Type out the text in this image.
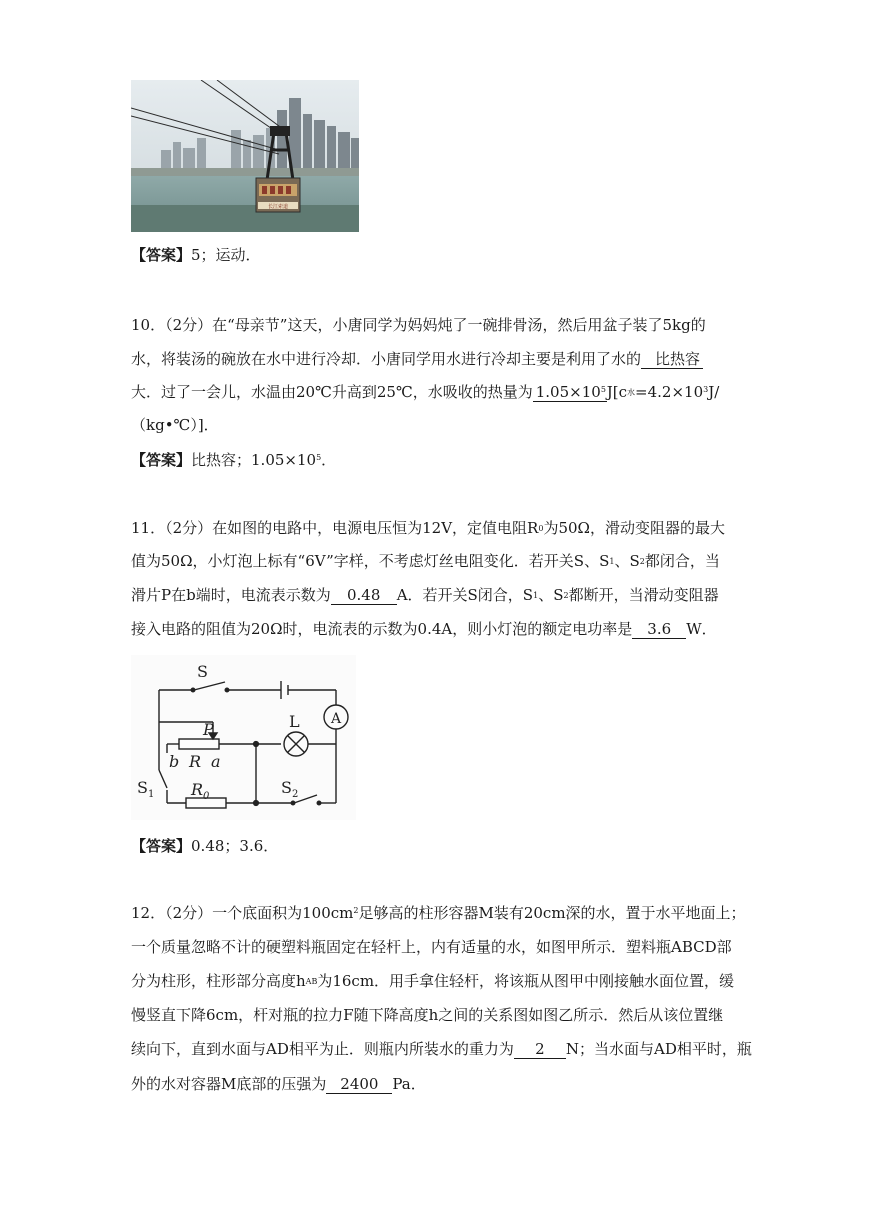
长江索道
【答案】5；运动．
10．（2分）在“母亲节”这天，小唐同学为妈妈炖了一碗排骨汤，然后用盆子装了5kg的
水，将装汤的碗放在水中进行冷却．小唐同学用水进行冷却主要是利用了水的 比热容
大．过了一会儿，水温由20℃升高到25℃，水吸收的热量为 $1.05\times 10^5J[c_水=4.2\times 10^3J/$
（kg•℃）]．
【答案】比热容；$1.05\times 10^5$．
11．（2分）在如图的电路中，电源电压恒为12V，定值电阻$R_0$为50Ω，滑动变阻器的最大
值为50Ω，小灯泡上标有“6V”字样，不考虑灯丝电阻变化．若开关S、$S_1$、$S_2$都闭合，当
滑片P在b端时，电流表示数为 0.48 A．若开关S闭合，$S_1$、$S_2$都断开，当滑动变阻器
接入电路的阻值为20Ω时，电流表的示数为0.4A，则小灯泡的额定电功率是 3.6 W．
S
A
P	L
b R a
$S_1$ $R_0$	$S_2$
【答案】0.48；3.6．
12．（2分）一个底面积为$100cm^2$足够高的柱形容器M装有20cm深的水，置于水平地面上；
一个质量忽略不计的硬塑料瓶固定在轻杆上，内有适量的水，如图甲所示．塑料瓶ABCD部
分为柱形，柱形部分高度$h_{AB}$为16cm．用手拿住轻杆，将该瓶从图甲中刚接触水面位置，缓
慢竖直下降6cm，杆对瓶的拉力F随下降高度h之间的关系图如图乙所示．然后从该位置继
续向下，直到水面与AD相平为止．则瓶内所装水的重力为 2 N；当水面与AD相平时，瓶
外的水对容器M底部的压强为 2400 Pa．
